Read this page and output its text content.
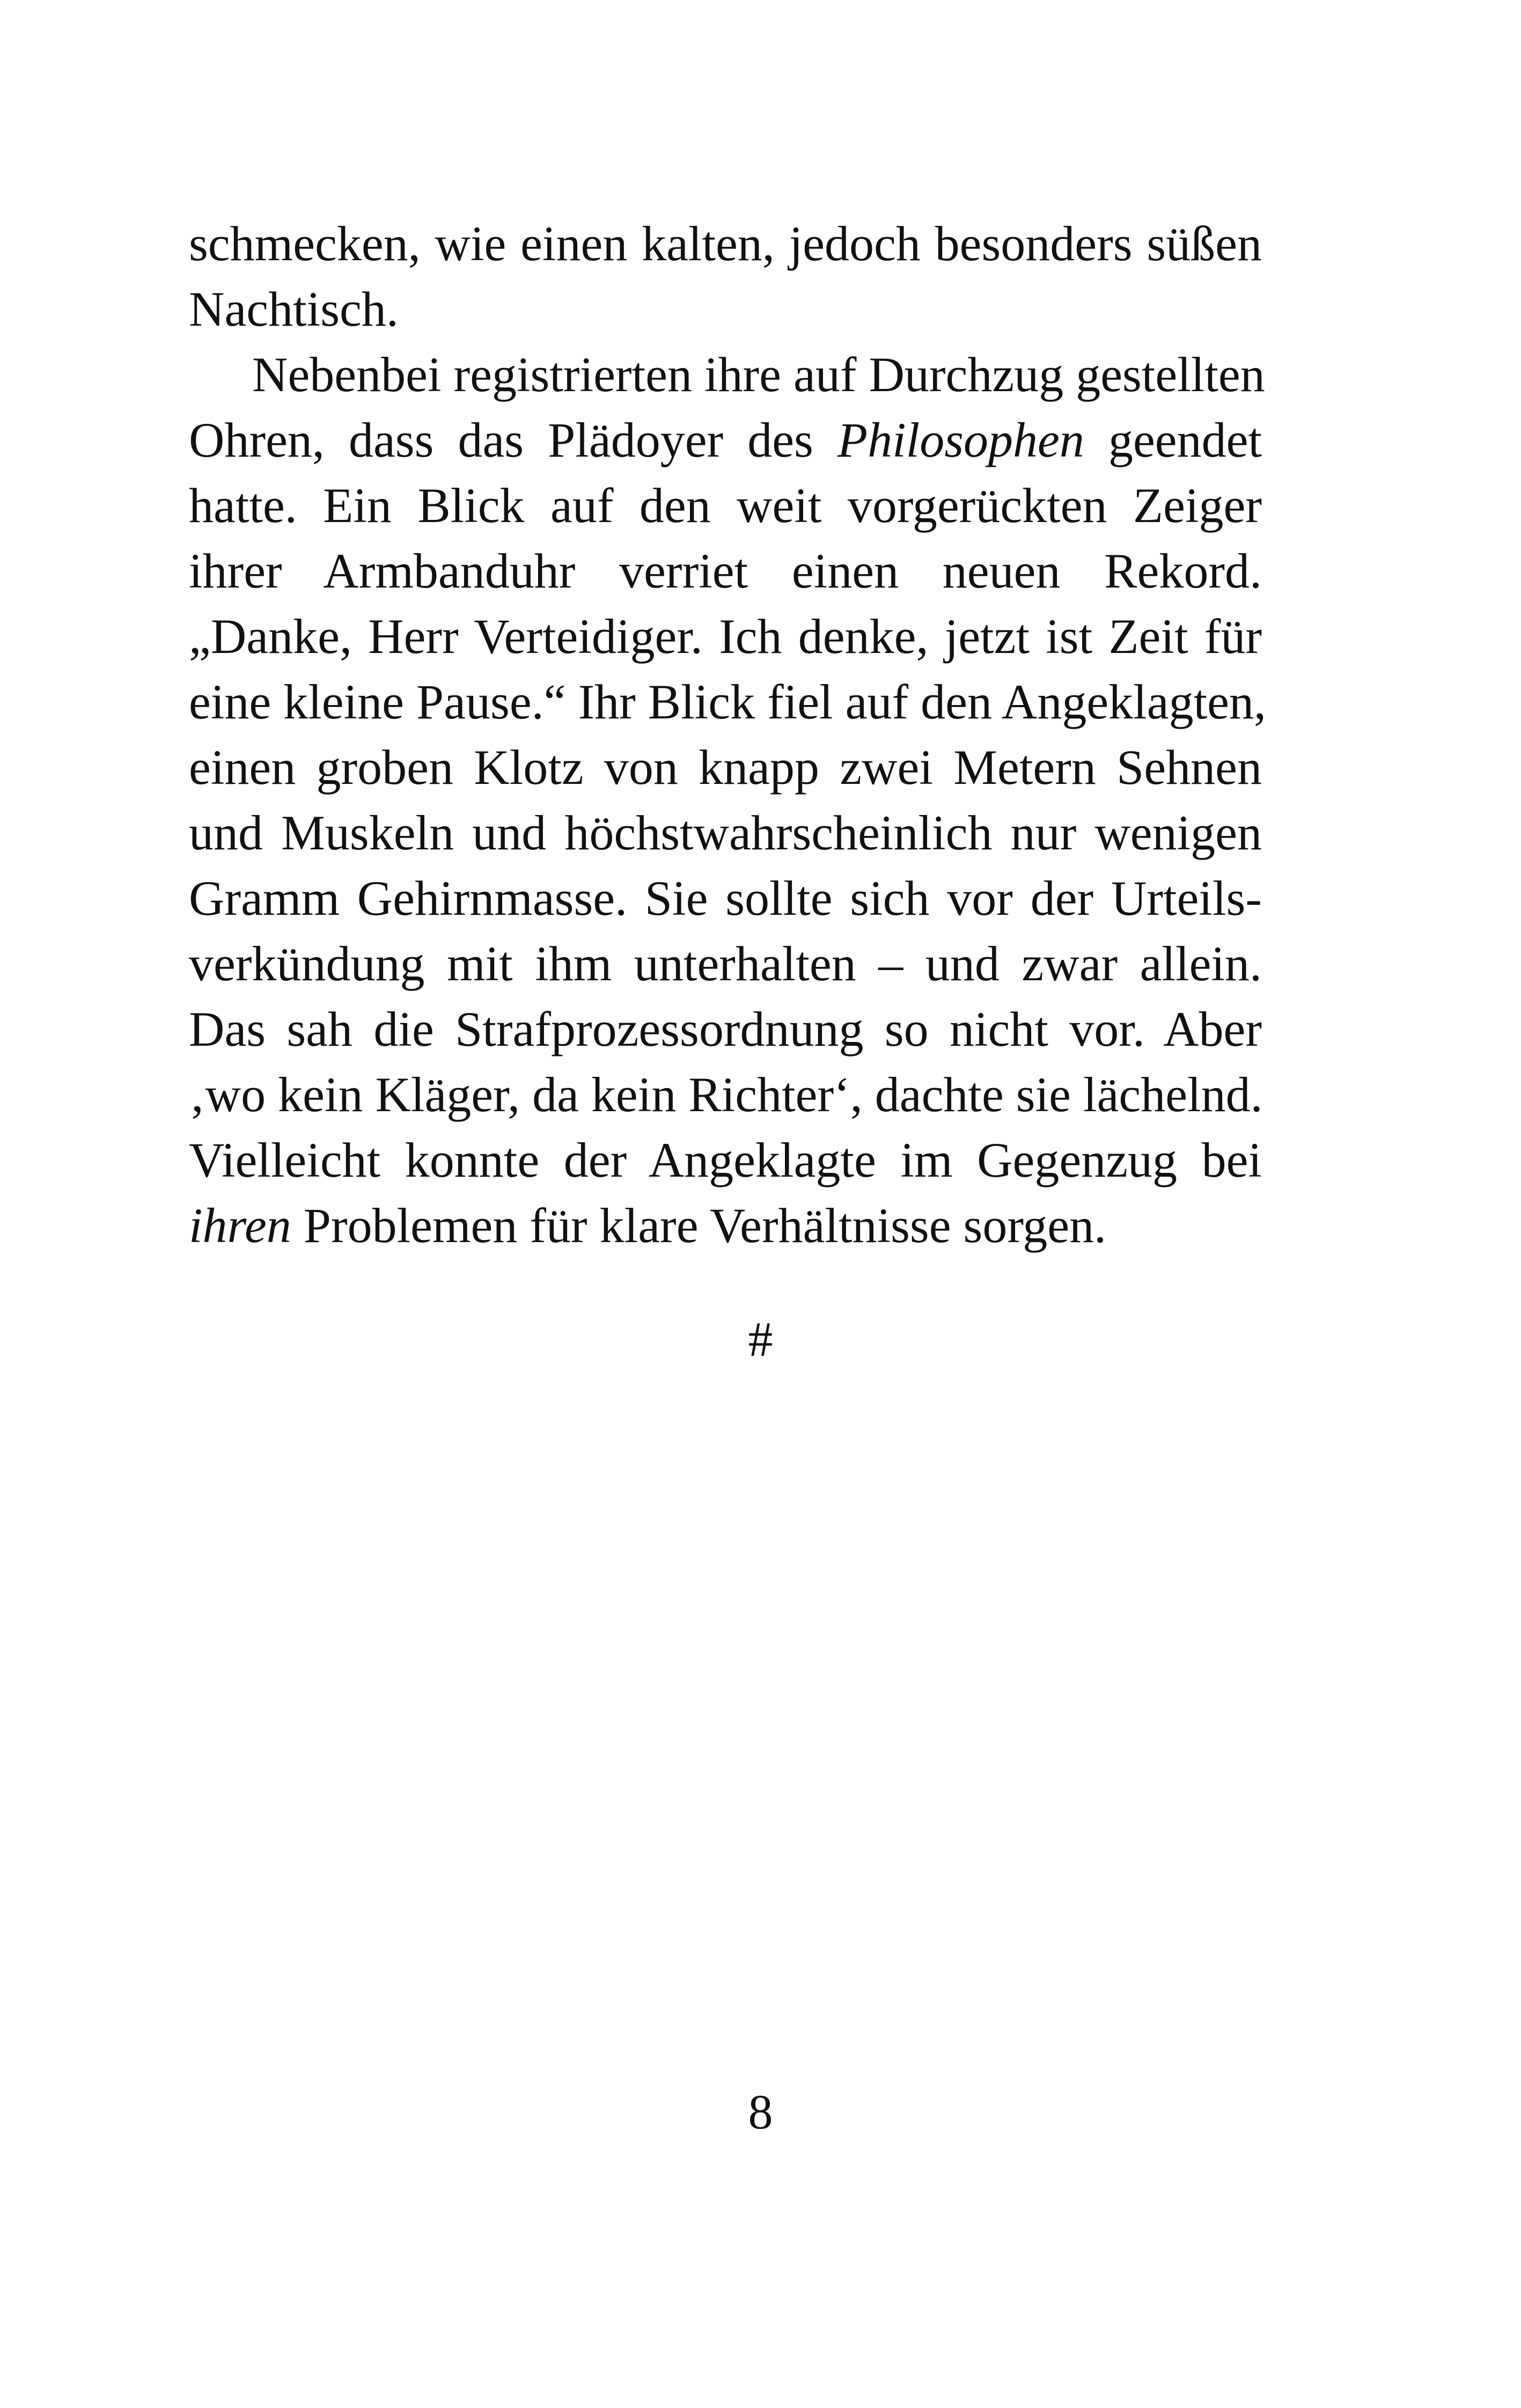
schmecken, wie einen kalten, jedoch besonders süßen
Nachtisch.
Nebenbei registrierten ihre auf Durchzug gestellten
Ohren, dass das Plädoyer des Philosophen geendet
hatte. Ein Blick auf den weit vorgerückten Zeiger
ihrer Armbanduhr verriet einen neuen Rekord.
„Danke, Herr Verteidiger. Ich denke, jetzt ist Zeit für
eine kleine Pause.“ Ihr Blick fiel auf den Angeklagten,
einen groben Klotz von knapp zwei Metern Sehnen
und Muskeln und höchstwahrscheinlich nur wenigen
Gramm Gehirnmasse. Sie sollte sich vor der Urteils-
verkündung mit ihm unterhalten – und zwar allein.
Das sah die Strafprozessordnung so nicht vor. Aber
‚wo kein Kläger, da kein Richter‘, dachte sie lächelnd.
Vielleicht konnte der Angeklagte im Gegenzug bei
ihren Problemen für klare Verhältnisse sorgen.
#
8
